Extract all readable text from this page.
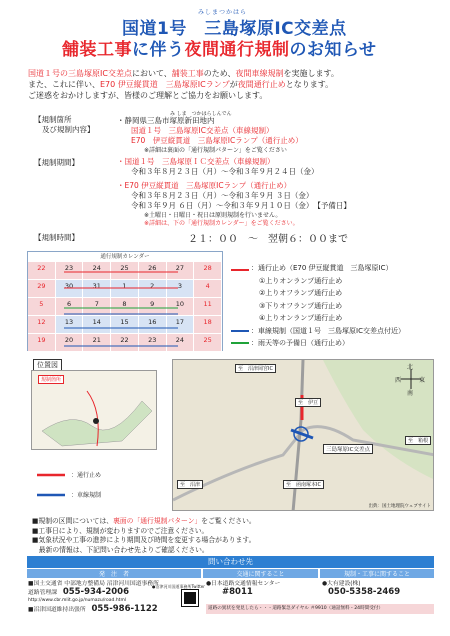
みしまつかはら
国道1号　三島塚原IC交差点
舗装工事に伴う夜間通行規制のお知らせ
国道１号の三島塚原IC交差点において、舗装工事のため、夜間車線規制を実施します。
また、これに伴い、E70 伊豆縦貫道　三島塚原ICランプが夜間通行止めとなります。
ご迷惑をおかけしますが、皆様のご理解とご協力をお願いします。
【規制箇所
及び規制内容】
み しま　つかはらしんでん
・静岡県三島市塚原新田地内
国道１号　三島塚原IC交差点（車線規制）
E70　伊豆縦貫道　三島塚原ICランプ（通行止め）
※詳細は裏面の「通行規制パターン」をご覧ください
【規制期間】	・国道１号　三島塚原ＩＣ交差点（車線規制）
令和３年８月２３日（月）～令和３年９月２４日（金）
・E70 伊豆縦貫道　三島塚原ICランプ（通行止め）
令和３年８月２３日（月）～令和３年９月 ３日（金）
令和３年９月 ６日（月）～令和３年９月１０日（金）　 【予備日】
※土曜日・日曜日・祝日は原則規制を行いません。
※詳細は、下の「通行規制カレンダー」をご覧ください。
【規制時間】	２１：００　～　翌朝６：００まで
通行規制カレンダー
22	23	24	25	26	27	28
29	30	31	1	2	3	4
5	6	7	8	9	10	11
12	13	14	15	16	17	18
19	20	21	22	23	24	25
：通行止め（E70 伊豆縦貫道　三島塚原IC）
①上りオンランプ通行止め
②上りオフランプ通行止め
③下りオフランプ通行止め
④上りオンランプ通行止め
：車線規制（国道１号　三島塚原IC交差点付近）
：雨天等の予備日（通行止め）
位置図
規制箇所
：通行止め
：車線規制
至　沼津岡宮IC
至　伊豆
至　箱根
至　沼津	至　函南塚本IC
三島塚原IC交差点
北
西	東
南
出典：国土地理院ウェブサイト
■規制の区間については、裏面の「通行規制パターン」をご覧ください。
■工事日により、規制が変わりますのでご注意ください。
■気象状況や工事の進捗により期間及び時間を変更する場合があります。
　最新の情報は、下記問い合わせ先よりご確認ください。
問い合わせ先
発　注　者	交通に関すること	規制・工事に関すること
■国土交通省 中部地方整備局 沼津河川国道事務所
道路管理課　 055-934-2006
http://www.cbr.mlit.go.jp/numazu/road.html
■沼津国道維持出張所　 055-986-1122
●沼津河川国道事務所Twitter ●日本道路交通情報センター
#8011
●大有建設(株)
050-5358-2469
道路の異状を発見したら・・・道路緊急ダイヤル ＃9910（通話無料・24時間受付）
